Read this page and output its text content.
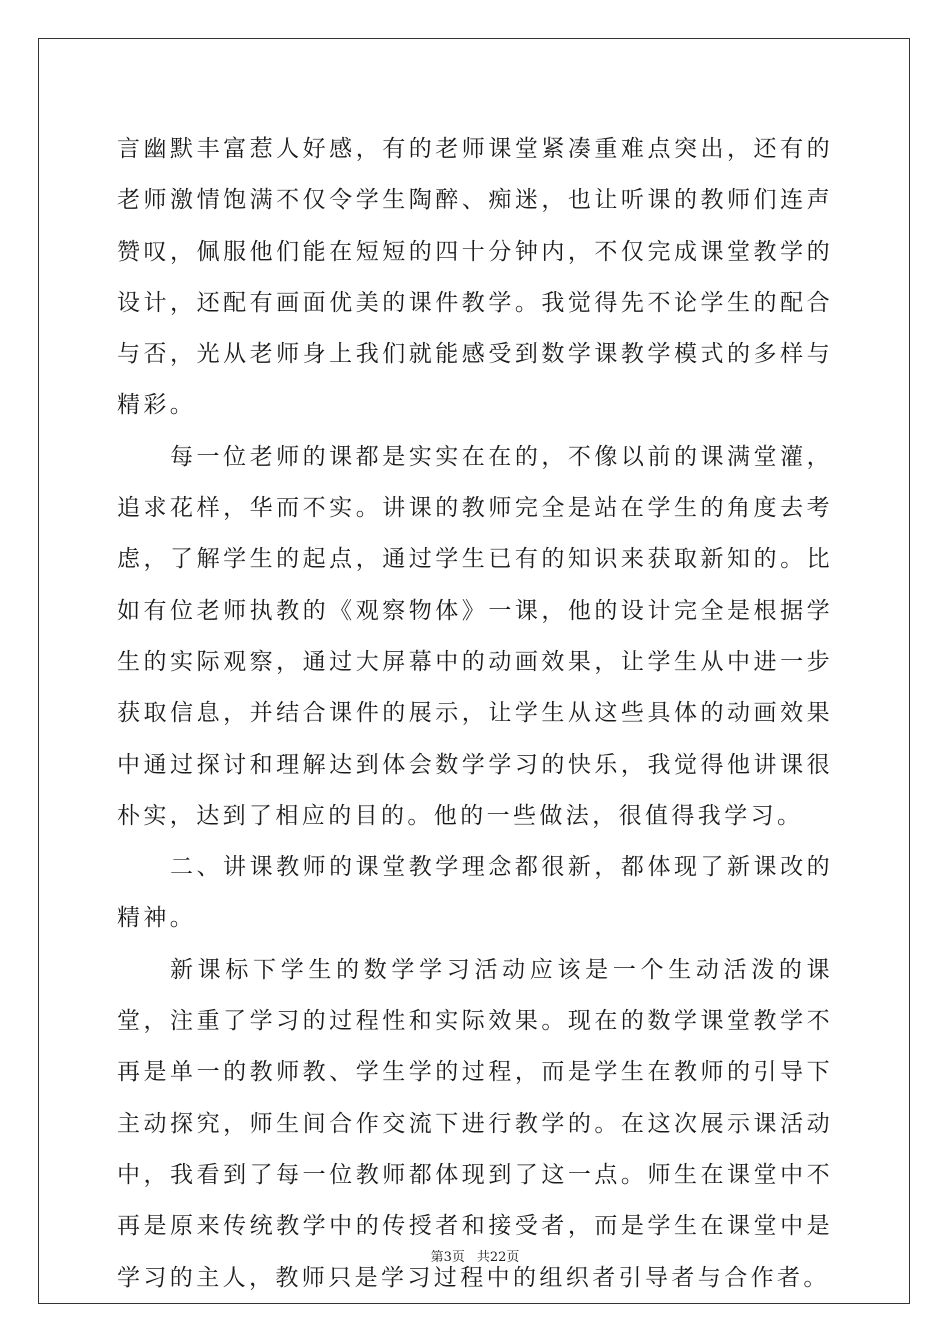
言幽默丰富惹人好感，有的老师课堂紧凑重难点突出，还有的老师激情饱满不仅令学生陶醉、痴迷，也让听课的教师们连声赞叹，佩服他们能在短短的四十分钟内，不仅完成课堂教学的设计，还配有画面优美的课件教学。我觉得先不论学生的配合与否，光从老师身上我们就能感受到数学课教学模式的多样与精彩。

每一位老师的课都是实实在在的，不像以前的课满堂灌，追求花样，华而不实。讲课的教师完全是站在学生的角度去考虑，了解学生的起点，通过学生已有的知识来获取新知的。比如有位老师执教的《观察物体》一课，他的设计完全是根据学生的实际观察，通过大屏幕中的动画效果，让学生从中进一步获取信息，并结合课件的展示，让学生从这些具体的动画效果中通过探讨和理解达到体会数学学习的快乐，我觉得他讲课很朴实，达到了相应的目的。他的一些做法，很值得我学习。

二、讲课教师的课堂教学理念都很新，都体现了新课改的精神。

新课标下学生的数学学习活动应该是一个生动活泼的课堂，注重了学习的过程性和实际效果。现在的数学课堂教学不再是单一的教师教、学生学的过程，而是学生在教师的引导下主动探究，师生间合作交流下进行教学的。在这次展示课活动中，我看到了每一位教师都体现到了这一点。师生在课堂中不再是原来传统教学中的传授者和接受者，而是学生在课堂中是学习的主人，教师只是学习过程中的组织者引导者与合作者。

第3页 共22页
